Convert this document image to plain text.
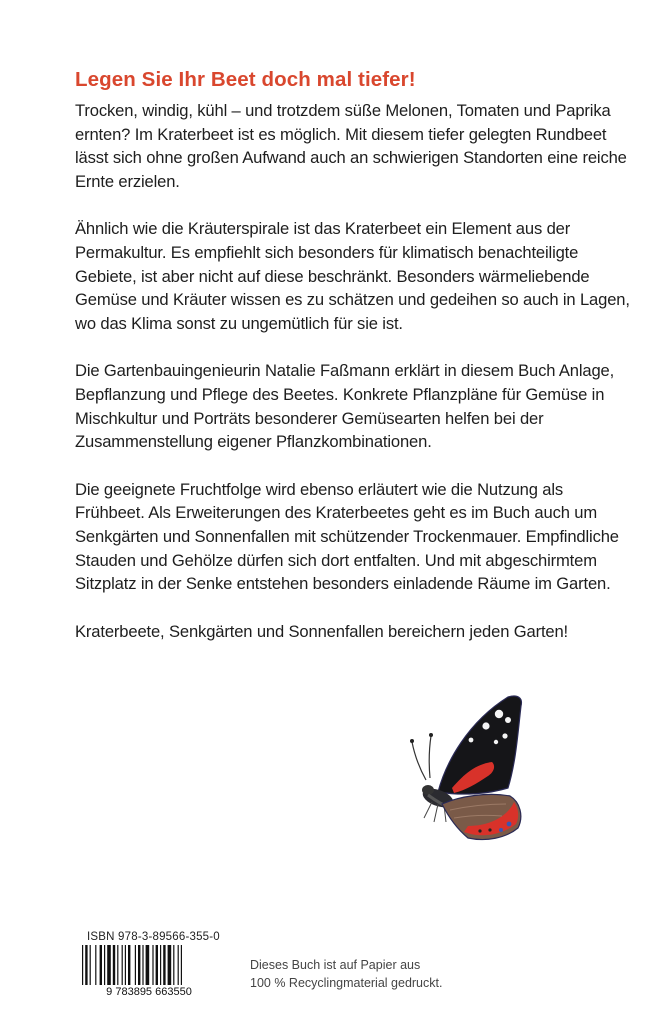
Legen Sie Ihr Beet doch mal tiefer!

Trocken, windig, kühl – und trotzdem süße Melonen, Tomaten und Paprika ernten? Im Kraterbeet ist es möglich. Mit diesem tiefer gelegten Rundbeet lässt sich ohne großen Aufwand auch an schwierigen Standorten eine reiche Ernte erzielen.

Ähnlich wie die Kräuterspirale ist das Kraterbeet ein Element aus der Permakultur. Es empfiehlt sich besonders für klimatisch benachteiligte Gebiete, ist aber nicht auf diese beschränkt. Besonders wärmeliebende Gemüse und Kräuter wissen es zu schätzen und gedeihen so auch in Lagen, wo das Klima sonst zu ungemütlich für sie ist.

Die Gartenbauingenieurin Natalie Faßmann erklärt in diesem Buch Anlage, Bepflanzung und Pflege des Beetes. Konkrete Pflanzpläne für Gemüse in Mischkultur und Porträts besonderer Gemüsearten helfen bei der Zusammenstellung eigener Pflanzkombinationen.

Die geeignete Fruchtfolge wird ebenso erläutert wie die Nutzung als Frühbeet. Als Erweiterungen des Kraterbeetes geht es im Buch auch um Senkgärten und Sonnenfallen mit schützender Trockenmauer. Empfindliche Stauden und Gehölze dürfen sich dort entfalten. Und mit abgeschirmtem Sitzplatz in der Senke entstehen besonders einladende Räume im Garten.

Kraterbeete, Senkgärten und Sonnenfallen bereichern jeden Garten!

ISBN 978-3-89566-355-0
9 783895 663550
Dieses Buch ist auf Papier aus
100 % Recyclingmaterial gedruckt.
